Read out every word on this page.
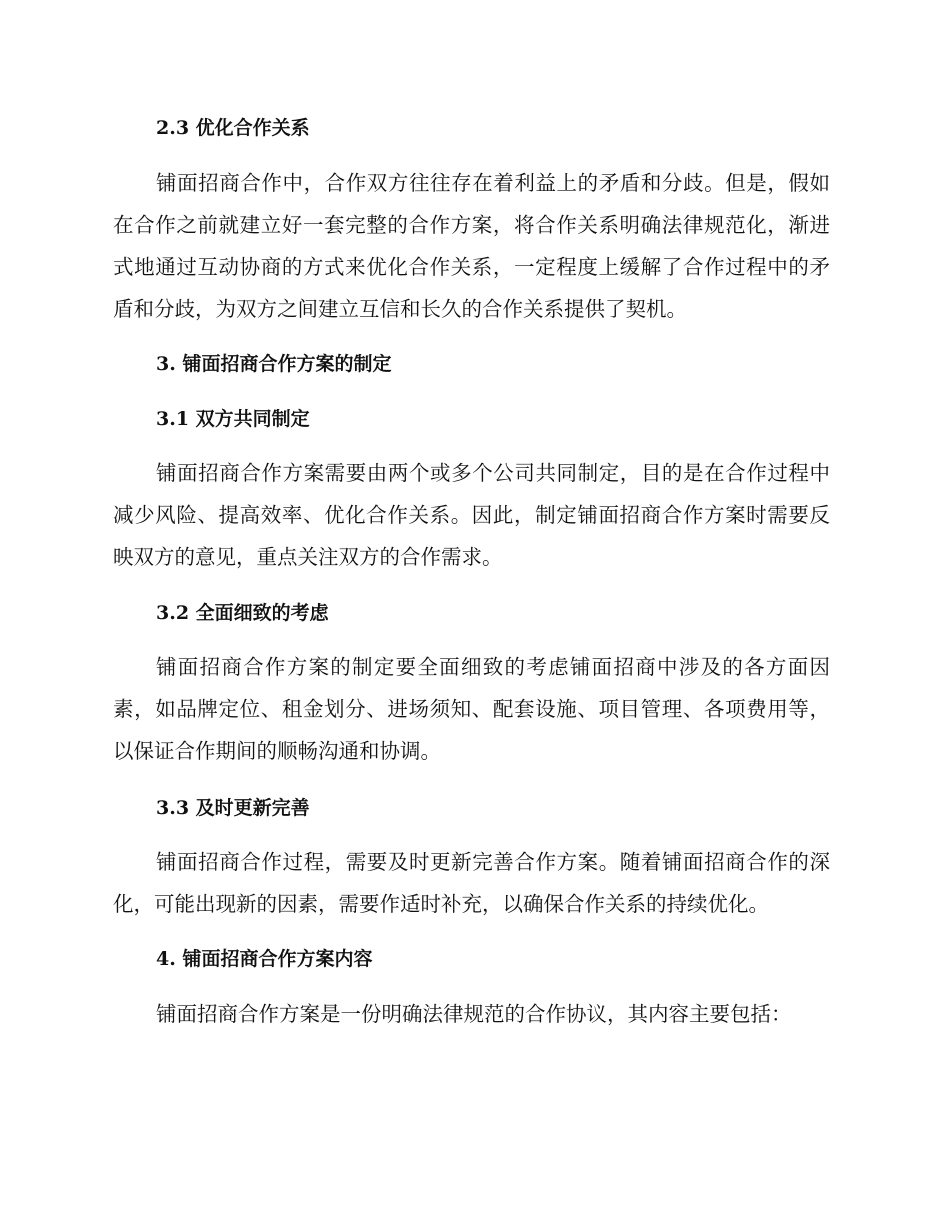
2.3 优化合作关系

铺面招商合作中，合作双方往往存在着利益上的矛盾和分歧。但是，假如在合作之前就建立好一套完整的合作方案，将合作关系明确法律规范化，渐进式地通过互动协商的方式来优化合作关系，一定程度上缓解了合作过程中的矛盾和分歧，为双方之间建立互信和长久的合作关系提供了契机。

3. 铺面招商合作方案的制定
3.1 双方共同制定

铺面招商合作方案需要由两个或多个公司共同制定，目的是在合作过程中减少风险、提高效率、优化合作关系。因此，制定铺面招商合作方案时需要反映双方的意见，重点关注双方的合作需求。

3.2 全面细致的考虑

铺面招商合作方案的制定要全面细致的考虑铺面招商中涉及的各方面因素，如品牌定位、租金划分、进场须知、配套设施、项目管理、各项费用等，以保证合作期间的顺畅沟通和协调。

3.3 及时更新完善

铺面招商合作过程，需要及时更新完善合作方案。随着铺面招商合作的深化，可能出现新的因素，需要作适时补充，以确保合作关系的持续优化。

4. 铺面招商合作方案内容

铺面招商合作方案是一份明确法律规范的合作协议，其内容主要包括：
